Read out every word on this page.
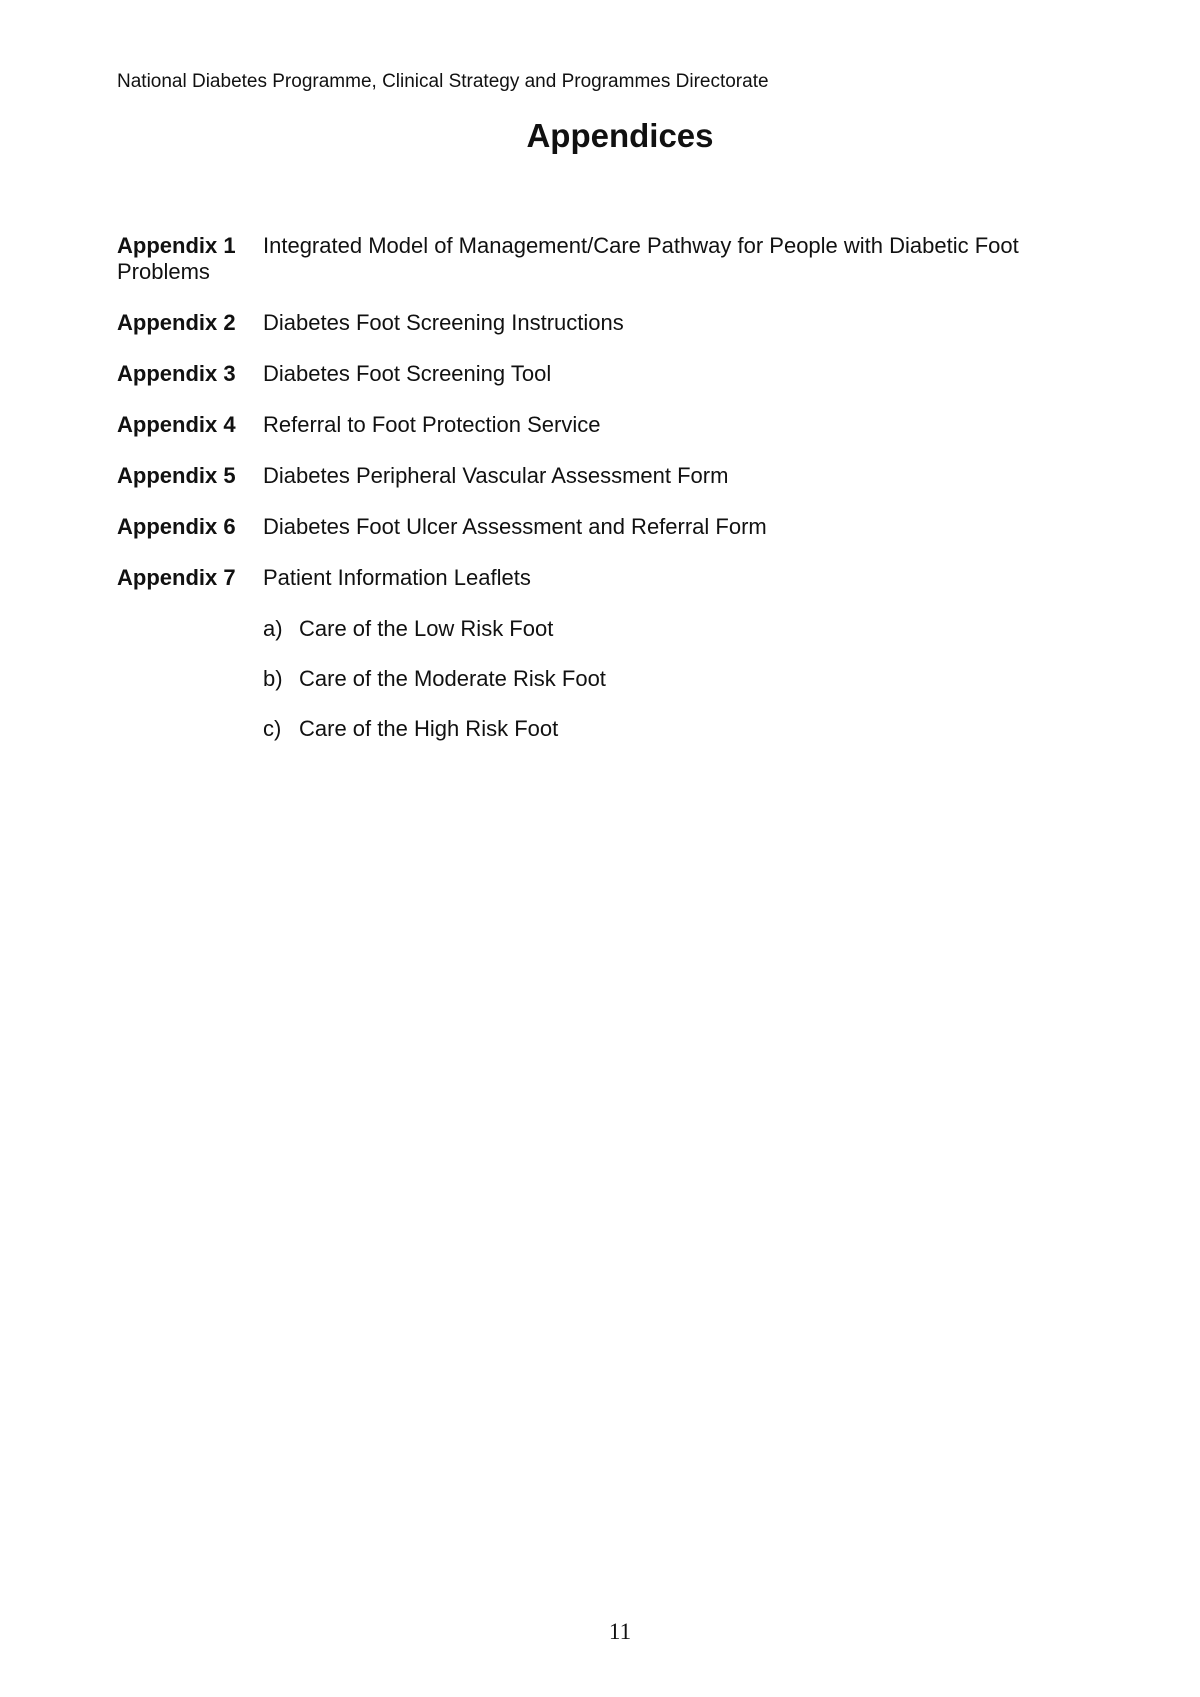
National Diabetes Programme, Clinical Strategy and Programmes Directorate
Appendices
Appendix 1 Integrated Model of Management/Care Pathway for People with Diabetic Foot Problems
Appendix 2 Diabetes Foot Screening Instructions
Appendix 3 Diabetes Foot Screening Tool
Appendix 4 Referral to Foot Protection Service
Appendix 5 Diabetes Peripheral Vascular Assessment Form
Appendix 6 Diabetes Foot Ulcer Assessment and Referral Form
Appendix 7 Patient Information Leaflets
a) Care of the Low Risk Foot
b) Care of the Moderate Risk Foot
c) Care of the High Risk Foot
11
